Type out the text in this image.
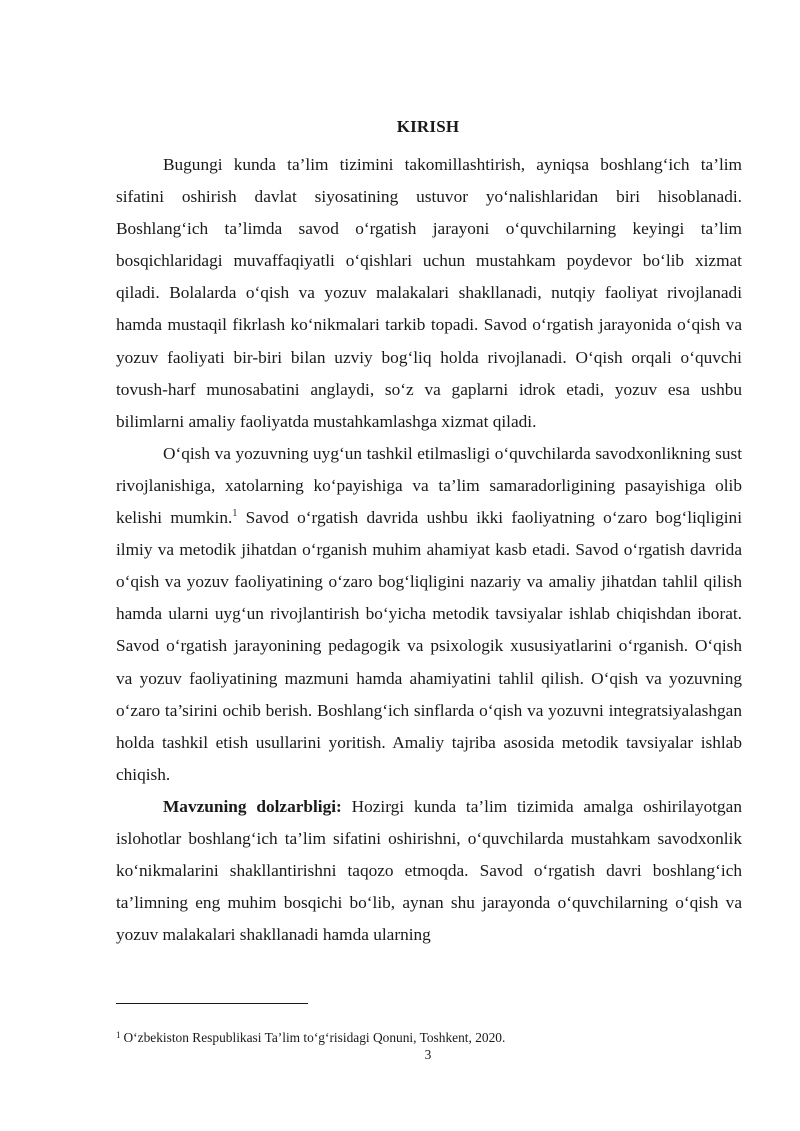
KIRISH

Bugungi kunda ta’lim tizimini takomillashtirish, ayniqsa boshlang‘ich ta’lim sifatini oshirish davlat siyosatining ustuvor yo‘nalishlaridan biri hisoblanadi. Boshlang‘ich ta’limda savod o‘rgatish jarayoni o‘quvchilarning keyingi ta’lim bosqichlaridagi muvaffaqiyatli o‘qishlari uchun mustahkam poydevor bo‘lib xizmat qiladi. Bolalarda o‘qish va yozuv malakalari shakllanadi, nutqiy faoliyat rivojlanadi hamda mustaqil fikrlash ko‘nikmalari tarkib topadi. Savod o‘rgatish jarayonida o‘qish va yozuv faoliyati bir-biri bilan uzviy bog‘liq holda rivojlanadi. O‘qish orqali o‘quvchi tovush-harf munosabatini anglaydi, so‘z va gaplarni idrok etadi, yozuv esa ushbu bilimlarni amaliy faoliyatda mustahkamlashga xizmat qiladi.

O‘qish va yozuvning uyg‘un tashkil etilmasligi o‘quvchilarda savodxonlikning sust rivojlanishiga, xatolarning ko‘payishiga va ta’lim samaradorligining pasayishiga olib kelishi mumkin.$^1$ Savod o‘rgatish davrida ushbu ikki faoliyatning o‘zaro bog‘liqligini ilmiy va metodik jihatdan o‘rganish muhim ahamiyat kasb etadi. Savod o‘rgatish davrida o‘qish va yozuv faoliyatining o‘zaro bog‘liqligini nazariy va amaliy jihatdan tahlil qilish hamda ularni uyg‘un rivojlantirish bo‘yicha metodik tavsiyalar ishlab chiqishdan iborat. Savod o‘rgatish jarayonining pedagogik va psixologik xususiyatlarini o‘rganish. O‘qish va yozuv faoliyatining mazmuni hamda ahamiyatini tahlil qilish. O‘qish va yozuvning o‘zaro ta’sirini ochib berish. Boshlang‘ich sinflarda o‘qish va yozuvni integratsiyalashgan holda tashkil etish usullarini yoritish. Amaliy tajriba asosida metodik tavsiyalar ishlab chiqish.

Mavzuning dolzarbligi: Hozirgi kunda ta’lim tizimida amalga oshirilayotgan islohotlar boshlang‘ich ta’lim sifatini oshirishni, o‘quvchilarda mustahkam savodxonlik ko‘nikmalarini shakllantirishni taqozo etmoqda. Savod o‘rgatish davri boshlang‘ich ta’limning eng muhim bosqichi bo‘lib, aynan shu jarayonda o‘quvchilarning o‘qish va yozuv malakalari shakllanadi hamda ularning

$^1$ O‘zbekiston Respublikasi Ta’lim to‘g‘risidagi Qonuni, Toshkent, 2020.
3
